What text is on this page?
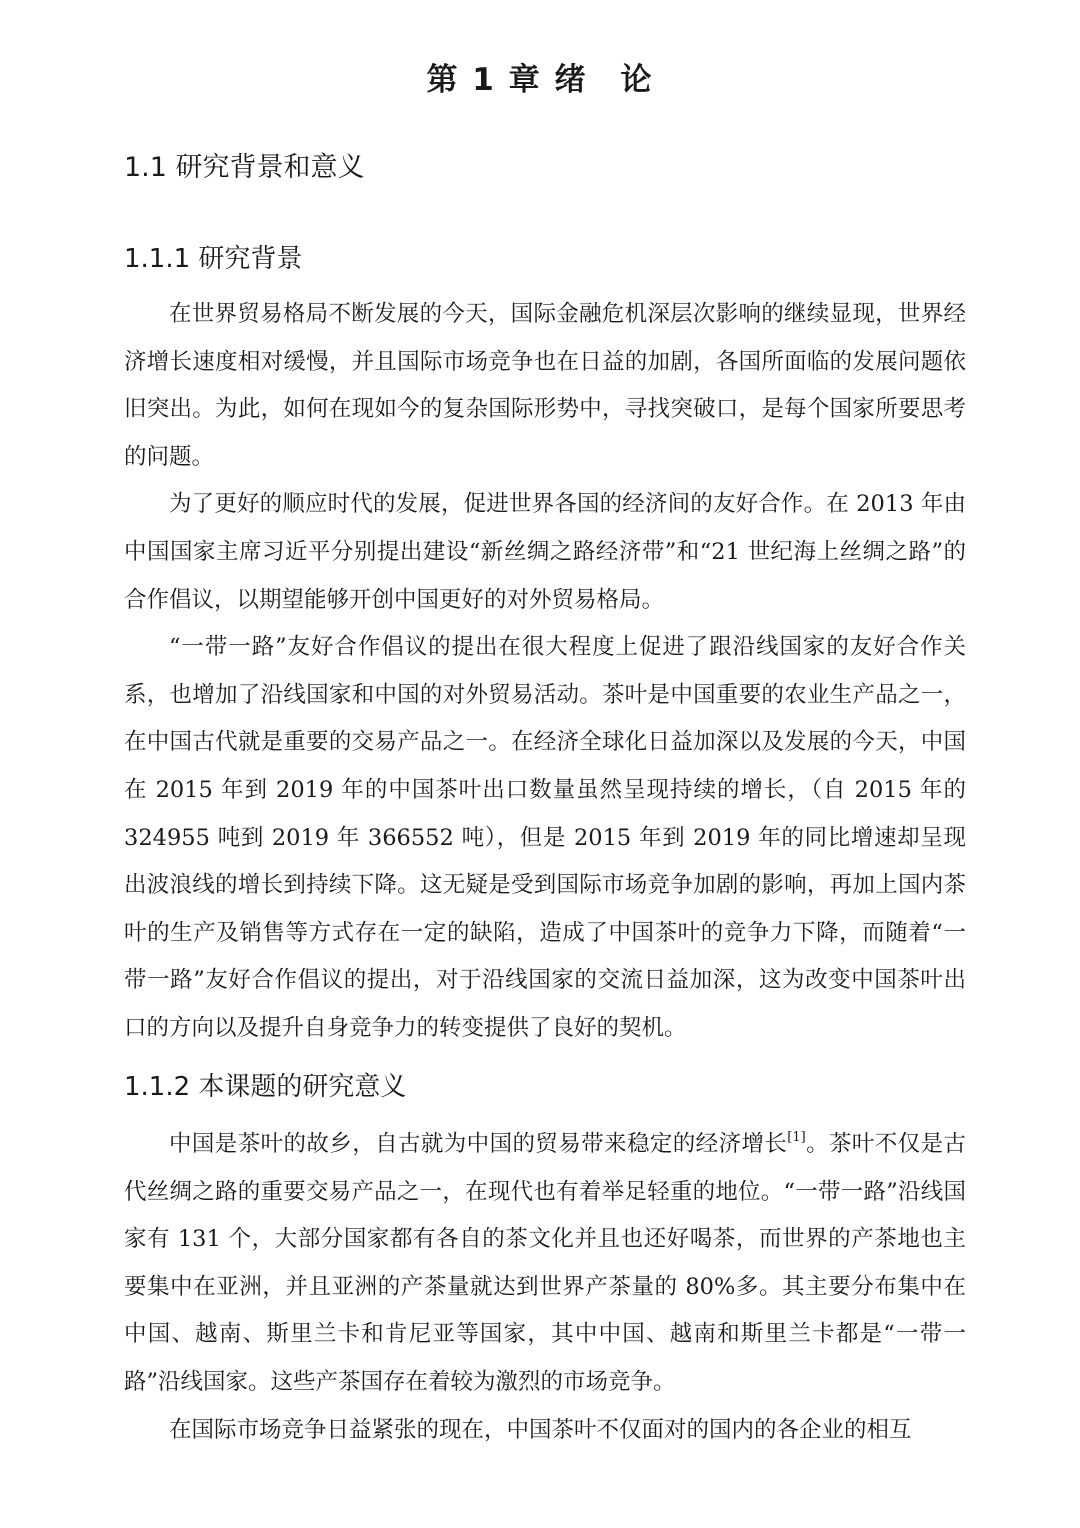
第 1 章 绪　论
1.1 研究背景和意义
1.1.1 研究背景

在世界贸易格局不断发展的今天，国际金融危机深层次影响的继续显现，世界经济增长速度相对缓慢，并且国际市场竞争也在日益的加剧，各国所面临的发展问题依旧突出。为此，如何在现如今的复杂国际形势中，寻找突破口，是每个国家所要思考的问题。

为了更好的顺应时代的发展，促进世界各国的经济间的友好合作。在 2013 年由中国国家主席习近平分别提出建设“新丝绸之路经济带”和“21 世纪海上丝绸之路”的合作倡议，以期望能够开创中国更好的对外贸易格局。

“一带一路”友好合作倡议的提出在很大程度上促进了跟沿线国家的友好合作关系，也增加了沿线国家和中国的对外贸易活动。茶叶是中国重要的农业生产品之一，在中国古代就是重要的交易产品之一。在经济全球化日益加深以及发展的今天，中国在 2015 年到 2019 年的中国茶叶出口数量虽然呈现持续的增长，（自 2015 年的 324955 吨到 2019 年 366552 吨），但是 2015 年到 2019 年的同比增速却呈现出波浪线的增长到持续下降。这无疑是受到国际市场竞争加剧的影响，再加上国内茶叶的生产及销售等方式存在一定的缺陷，造成了中国茶叶的竞争力下降，而随着“一带一路”友好合作倡议的提出，对于沿线国家的交流日益加深，这为改变中国茶叶出口的方向以及提升自身竞争力的转变提供了良好的契机。

1.1.2 本课题的研究意义

中国是茶叶的故乡，自古就为中国的贸易带来稳定的经济增长[1]。茶叶不仅是古代丝绸之路的重要交易产品之一，在现代也有着举足轻重的地位。“一带一路”沿线国家有 131 个，大部分国家都有各自的茶文化并且也还好喝茶，而世界的产茶地也主要集中在亚洲，并且亚洲的产茶量就达到世界产茶量的 80%多。其主要分布集中在中国、越南、斯里兰卡和肯尼亚等国家，其中中国、越南和斯里兰卡都是“一带一路”沿线国家。这些产茶国存在着较为激烈的市场竞争。

在国际市场竞争日益紧张的现在，中国茶叶不仅面对的国内的各企业的相互
